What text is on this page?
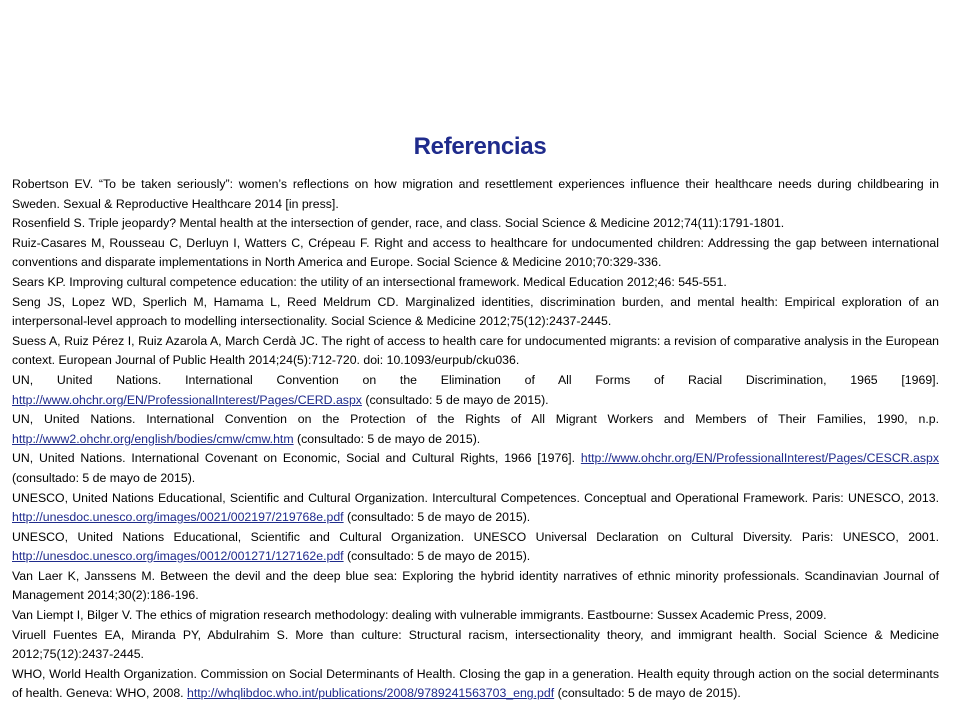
Referencias

Robertson EV. “To be taken seriously”: women’s reflections on how migration and resettlement experiences influence their healthcare needs during childbearing in Sweden. Sexual & Reproductive Healthcare 2014 [in press].

Rosenfield S. Triple jeopardy? Mental health at the intersection of gender, race, and class. Social Science & Medicine 2012;74(11):1791-1801.

Ruiz-Casares M, Rousseau C, Derluyn I, Watters C, Crépeau F. Right and access to healthcare for undocumented children: Addressing the gap between international conventions and disparate implementations in North America and Europe. Social Science & Medicine 2010;70:329-336.

Sears KP. Improving cultural competence education: the utility of an intersectional framework. Medical Education 2012;46: 545-551.

Seng JS, Lopez WD, Sperlich M, Hamama L, Reed Meldrum CD. Marginalized identities, discrimination burden, and mental health: Empirical exploration of an interpersonal-level approach to modelling intersectionality. Social Science & Medicine 2012;75(12):2437-2445.

Suess A, Ruiz Pérez I, Ruiz Azarola A, March Cerdà JC. The right of access to health care for undocumented migrants: a revision of comparative analysis in the European context. European Journal of Public Health 2014;24(5):712-720. doi: 10.1093/eurpub/cku036.

UN, United Nations. International Convention on the Elimination of All Forms of Racial Discrimination, 1965 [1969]. http://www.ohchr.org/EN/ProfessionalInterest/Pages/CERD.aspx (consultado: 5 de mayo de 2015).

UN, United Nations. International Convention on the Protection of the Rights of All Migrant Workers and Members of Their Families, 1990, n.p. http://www2.ohchr.org/english/bodies/cmw/cmw.htm (consultado: 5 de mayo de 2015).

UN, United Nations. International Covenant on Economic, Social and Cultural Rights, 1966 [1976]. http://www.ohchr.org/EN/ProfessionalInterest/Pages/CESCR.aspx (consultado: 5 de mayo de 2015).

UNESCO, United Nations Educational, Scientific and Cultural Organization. Intercultural Competences. Conceptual and Operational Framework. Paris: UNESCO, 2013. http://unesdoc.unesco.org/images/0021/002197/219768e.pdf (consultado: 5 de mayo de 2015).

UNESCO, United Nations Educational, Scientific and Cultural Organization. UNESCO Universal Declaration on Cultural Diversity. Paris: UNESCO, 2001. http://unesdoc.unesco.org/images/0012/001271/127162e.pdf (consultado: 5 de mayo de 2015).

Van Laer K, Janssens M. Between the devil and the deep blue sea: Exploring the hybrid identity narratives of ethnic minority professionals. Scandinavian Journal of Management 2014;30(2):186-196.

Van Liempt I, Bilger V. The ethics of migration research methodology: dealing with vulnerable immigrants. Eastbourne: Sussex Academic Press, 2009.

Viruell Fuentes EA, Miranda PY, Abdulrahim S. More than culture: Structural racism, intersectionality theory, and immigrant health. Social Science & Medicine 2012;75(12):2437-2445.

WHO, World Health Organization. Commission on Social Determinants of Health. Closing the gap in a generation. Health equity through action on the social determinants of health. Geneva: WHO, 2008. http://whqlibdoc.who.int/publications/2008/9789241563703_eng.pdf (consultado: 5 de mayo de 2015).
